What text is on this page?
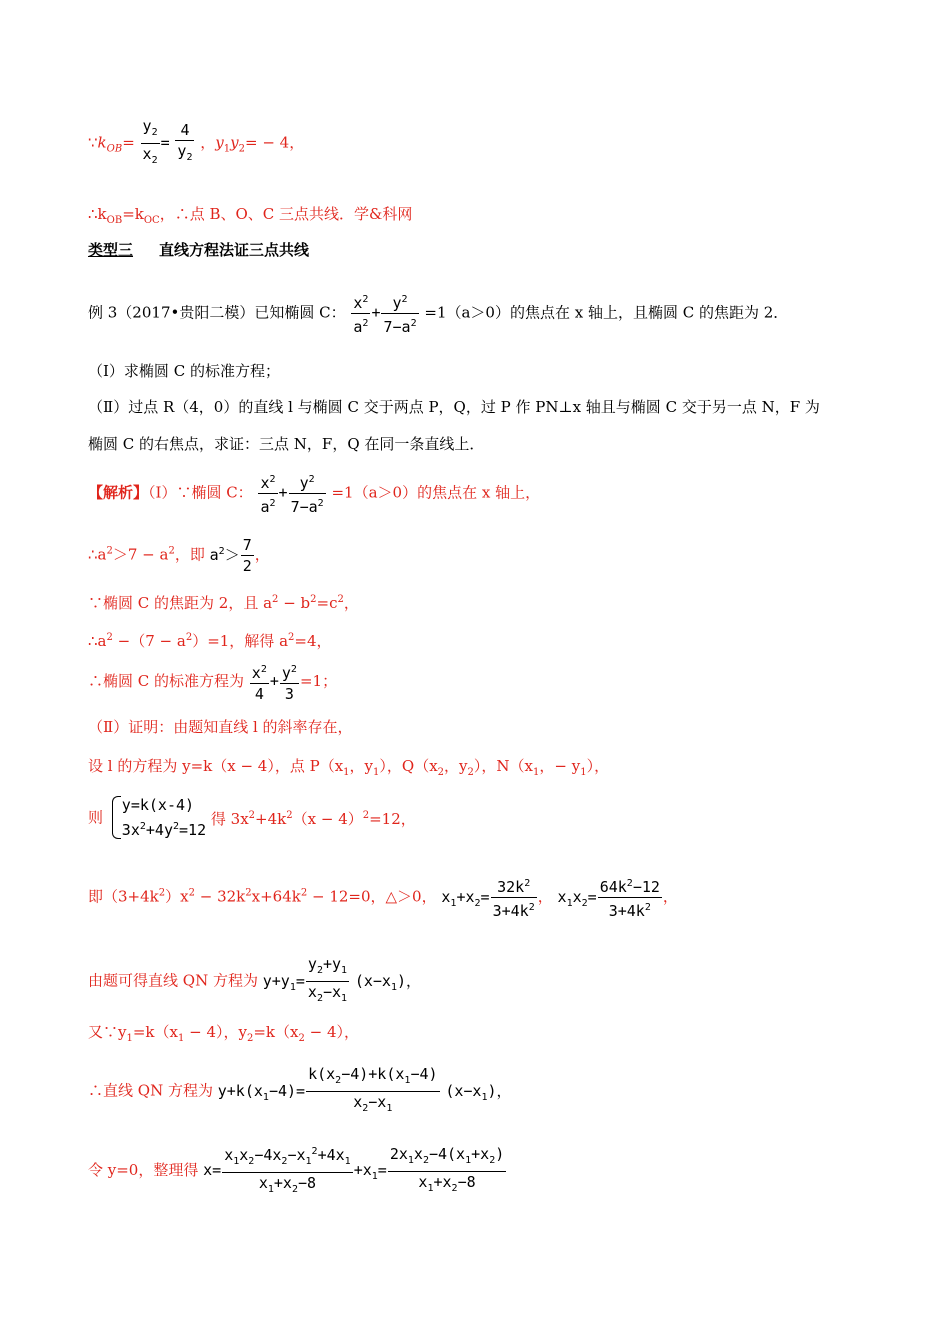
$\because k_{OB}= \frac{y_2}{x_2} = \frac{4}{y_2}$ ，$y_1y_2= - 4$，
$\therefore k_{OB}=k_{OC}$，∴点 B、O、C 三点共线．学&科网
类型三 直线方程法证三点共线
例 3（2017•贵阳二模）已知椭圆 C： $\frac{x^2}{a^2} + \frac{y^2}{7-a^2} =1(a>0)$的焦点在 x 轴上，且椭圆 C 的焦距为 2．
（Ⅰ）求椭圆 C 的标准方程；
（Ⅱ）过点 R（4，0）的直线 l 与椭圆 C 交于两点 P，Q，过 P 作 PN⊥x 轴且与椭圆 C 交于另一点 N，F 为
椭圆 C 的右焦点，求证：三点 N，F，Q 在同一条直线上．
【解析】（Ⅰ）∵椭圆 C： $\frac{x^2}{a^2} + \frac{y^2}{7-a^2} =1(a>0)$的焦点在 x 轴上，
$\therefore a^2>7 - a^2$，即 $a^2> \frac{7}{2}$ ，
∵椭圆 C 的焦距为 2，且 $a^2 - b^2=c^2$，
$\therefore a^2 -(7 - a^2)=1$，解得 $a^2=4$，
∴椭圆 C 的标准方程为 $\frac{x^2}{4} + \frac{y^2}{3} =1$；
（Ⅱ）证明：由题知直线 l 的斜率存在，
设 l 的方程为 y=k（x − 4），点 $P(x_1$，$y_1$），$Q(x_2$，$y_2$），$N(x_1$，− $y_1$），
则
y=k(x-4)
$3x^2+4y^2=12$
得 $3x^2+4k^2(x - 4)^2=12$，
即$(3+4k^2)x^2 - 32k^2x+64k^2 - 12=0$，△＞0， $x_1+x_2= \frac{32k^2}{3+4k^2}$ ， $x_1x_2= \frac{64k^2-12}{3+4k^2}$ ，
由题可得直线 QN 方程为 $y+y_1= \frac{y_2+y_1}{x_2-x_1} (x-x_1)$，
又$\because y_1=k(x_1 - 4)$，$y_2=k(x_2 - 4)$，
∴直线 QN 方程为 $y+k(x_1-4)= \frac{k(x_2-4)+k(x_1-4)}{x_2-x_1} (x-x_1)$，
令 y=0，整理得 $x= \frac{x_1x_2-4x_2-x_1^2+4x_1}{x_1+x_2-8} +x_1= \frac{2x_1x_2-4(x_1+x_2)}{x_1+x_2-8}$
